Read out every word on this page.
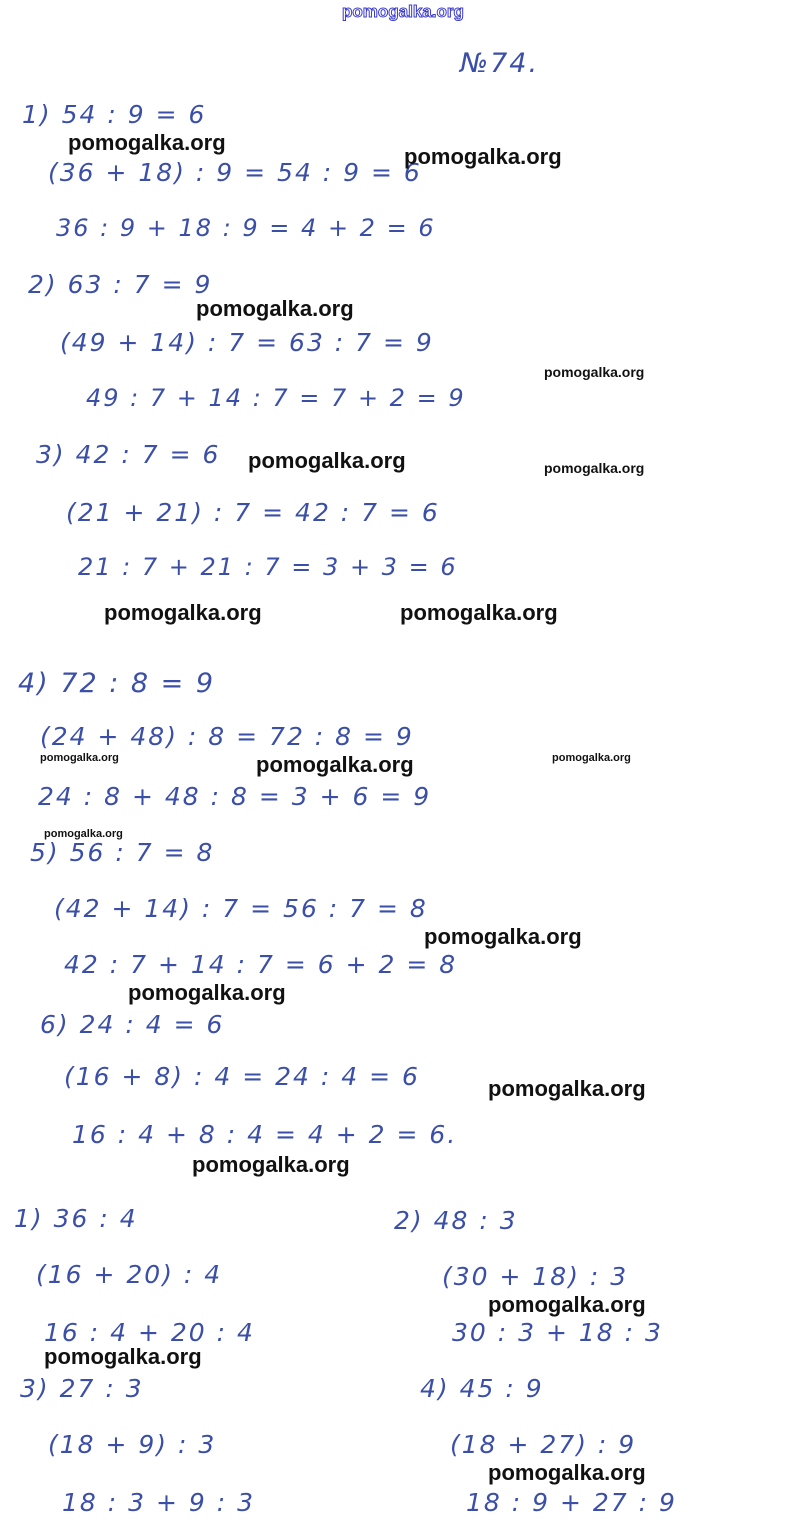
pomogalka.org
№74.
1) 54 : 9 = 6
(36 + 18) : 9 = 54 : 9 = 6
36 : 9 + 18 : 9 = 4 + 2 = 6
2) 63 : 7 = 9
(49 + 14) : 7 = 63 : 7 = 9
49 : 7 + 14 : 7 = 7 + 2 = 9
3) 42 : 7 = 6
(21 + 21) : 7 = 42 : 7 = 6
21 : 7 + 21 : 7 = 3 + 3 = 6
4) 72 : 8 = 9
(24 + 48) : 8 = 72 : 8 = 9
24 : 8 + 48 : 8 = 3 + 6 = 9
5) 56 : 7 = 8
(42 + 14) : 7 = 56 : 7 = 8
42 : 7 + 14 : 7 = 6 + 2 = 8
6) 24 : 4 = 6
(16 + 8) : 4 = 24 : 4 = 6
16 : 4 + 8 : 4 = 4 + 2 = 6.
1) 36 : 4
(16 + 20) : 4
16 : 4 + 20 : 4
2) 48 : 3
(30 + 18) : 3
30 : 3 + 18 : 3
3) 27 : 3
(18 + 9) : 3
18 : 3 + 9 : 3
4) 45 : 9
(18 + 27) : 9
18 : 9 + 27 : 9
pomogalka.org
pomogalka.org
pomogalka.org
pomogalka.org
pomogalka.org	pomogalka.org
pomogalka.org	pomogalka.org
pomogalka.org	pomogalka.org	pomogalka.org
pomogalka.org
pomogalka.org
pomogalka.org
pomogalka.org
pomogalka.org
pomogalka.org
pomogalka.org
pomogalka.org
